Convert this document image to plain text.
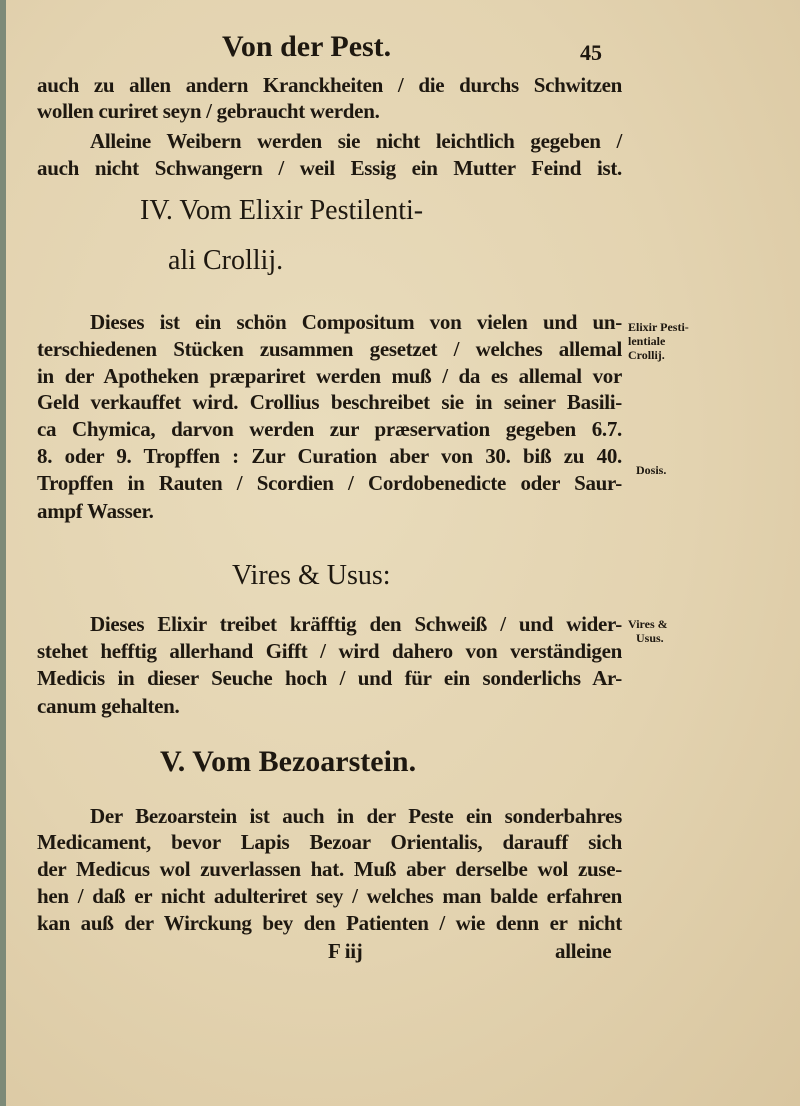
Von der Pest.	45
auch zu allen andern Kranckheiten / die durchs Schwitzen
wollen curiret seyn / gebraucht werden.
Alleine Weibern werden sie nicht leichtlich gegeben /
auch nicht Schwangern / weil Essig ein Mutter Feind ist.
IV. Vom Elixir Pestilenti-
ali Crollij.
Dieses ist ein schön Compositum von vielen und un-
terschiedenen Stücken zusammen gesetzet / welches allemal
in der Apotheken præpariret werden muß / da es allemal vor
Geld verkauffet wird. Crollius beschreibet sie in seiner Basili-
ca Chymica, darvon werden zur præservation gegeben 6.7.
8. oder 9. Tropffen : Zur Curation aber von 30. biß zu 40.
Tropffen in Rauten / Scordien / Cordobenedicte oder Saur-
ampf Wasser.
Elixir Pesti-
lentiale
Crollij.
Dosis.
Vires & Usus:
Dieses Elixir treibet kräfftig den Schweiß / und wider-
stehet hefftig allerhand Gifft / wird dahero von verständigen
Medicis in dieser Seuche hoch / und für ein sonderlichs Ar-
canum gehalten.
Vires &
Usus.
V. Vom Bezoarstein.
Der Bezoarstein ist auch in der Peste ein sonderbahres
Medicament, bevor Lapis Bezoar Orientalis, darauff sich
der Medicus wol zuverlassen hat. Muß aber derselbe wol zuse-
hen / daß er nicht adulteriret sey / welches man balde erfahren
kan auß der Wirckung bey den Patienten / wie denn er nicht
F iij	alleine
